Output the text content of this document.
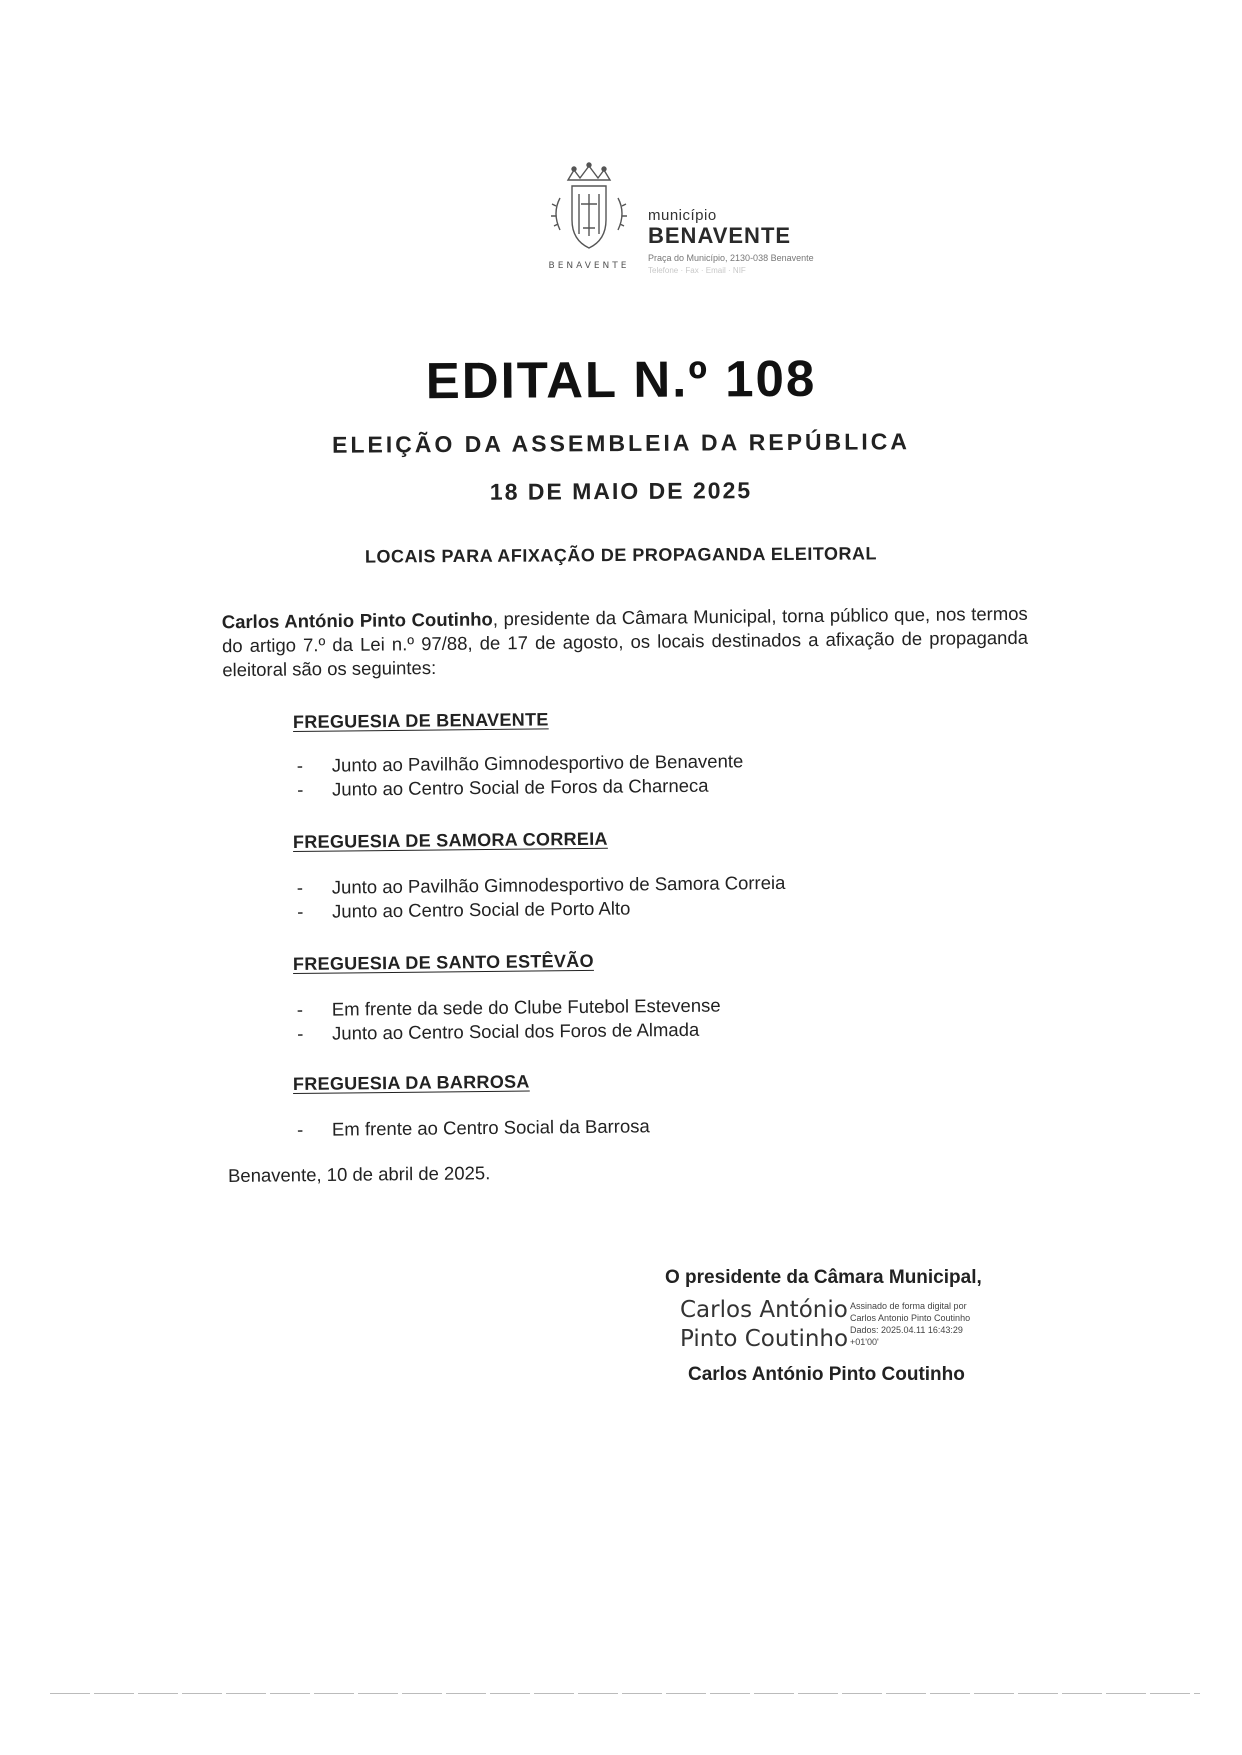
BENAVENTE
município
BENAVENTE
Praça do Município, 2130-038 Benavente
Telefone · Fax · Email · NIF
EDITAL N.º 108
ELEIÇÃO DA ASSEMBLEIA DA REPÚBLICA
18 DE MAIO DE 2025
LOCAIS PARA AFIXAÇÃO DE PROPAGANDA ELEITORAL
Carlos António Pinto Coutinho, presidente da Câmara Municipal, torna público que, nos termos do artigo 7.º da Lei n.º 97/88, de 17 de agosto, os locais destinados a afixação de propaganda eleitoral são os seguintes:
FREGUESIA DE BENAVENTE
- Junto ao Pavilhão Gimnodesportivo de Benavente
- Junto ao Centro Social de Foros da Charneca
FREGUESIA DE SAMORA CORREIA
- Junto ao Pavilhão Gimnodesportivo de Samora Correia
- Junto ao Centro Social de Porto Alto
FREGUESIA DE SANTO ESTÊVÃO
- Em frente da sede do Clube Futebol Estevense
- Junto ao Centro Social dos Foros de Almada
FREGUESIA DA BARROSA
- Em frente ao Centro Social da Barrosa
Benavente, 10 de abril de 2025.
O presidente da Câmara Municipal,
Carlos António
Pinto Coutinho
Assinado de forma digital por
Carlos Antonio Pinto Coutinho
Dados: 2025.04.11 16:43:29
+01'00'
Carlos António Pinto Coutinho
